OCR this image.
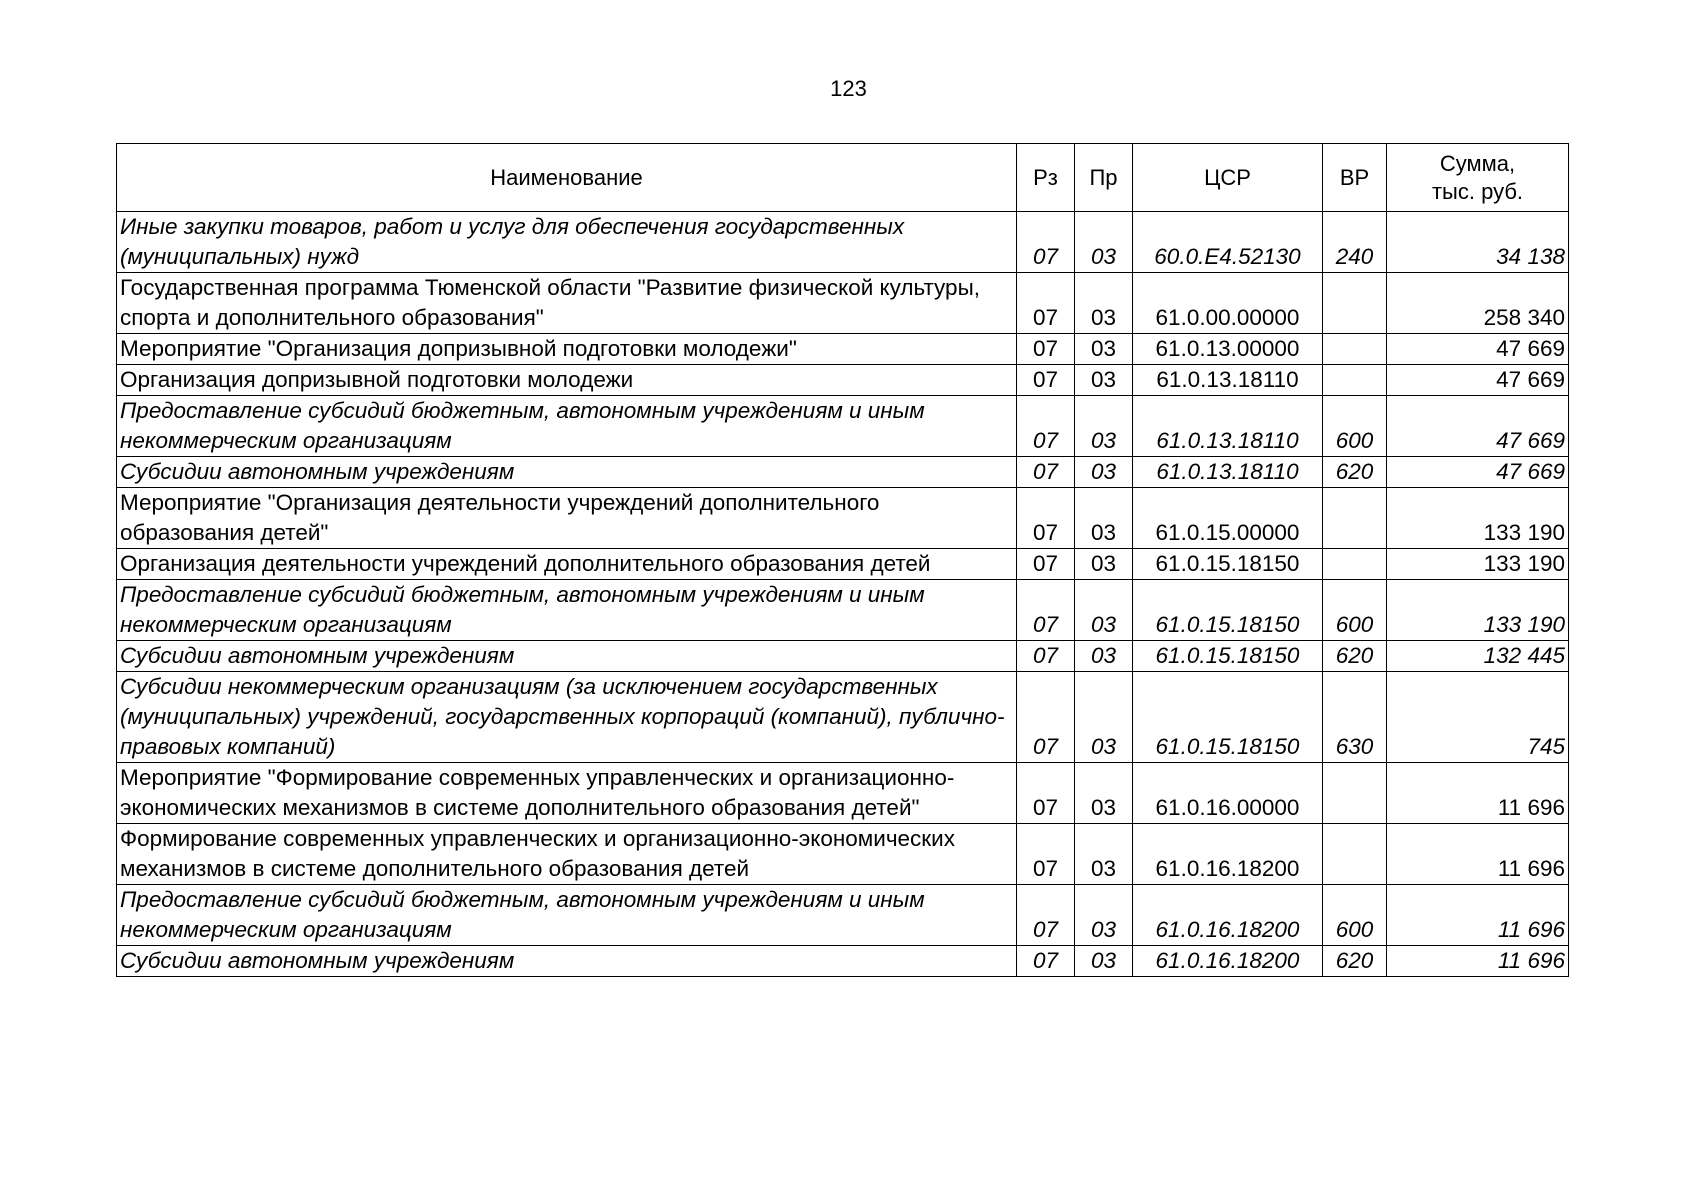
123
Наименование	Рз	Пр	ЦСР	ВР	Сумма,
тыс. руб.
Иные закупки товаров, работ и услуг для обеспечения государственных (муниципальных) нужд	07	03	60.0.E4.52130	240	34 138
Государственная программа Тюменской области "Развитие физической культуры, спорта и дополнительного образования"	07	03	61.0.00.00000		258 340
Мероприятие "Организация допризывной подготовки молодежи"	07	03	61.0.13.00000		47 669
Организация допризывной подготовки молодежи	07	03	61.0.13.18110		47 669
Предоставление субсидий бюджетным, автономным учреждениям и иным некоммерческим организациям	07	03	61.0.13.18110	600	47 669
Субсидии автономным учреждениям	07	03	61.0.13.18110	620	47 669
Мероприятие "Организация деятельности учреждений дополнительного образования детей"	07	03	61.0.15.00000		133 190
Организация деятельности учреждений дополнительного образования детей	07	03	61.0.15.18150		133 190
Предоставление субсидий бюджетным, автономным учреждениям и иным некоммерческим организациям	07	03	61.0.15.18150	600	133 190
Субсидии автономным учреждениям	07	03	61.0.15.18150	620	132 445
Субсидии некоммерческим организациям (за исключением государственных (муниципальных) учреждений, государственных корпораций (компаний), публично-правовых компаний)	07	03	61.0.15.18150	630	745
Мероприятие "Формирование современных управленческих и организационно-экономических механизмов в системе дополнительного образования детей"	07	03	61.0.16.00000		11 696
Формирование современных управленческих и организационно-экономических механизмов в системе дополнительного образования детей	07	03	61.0.16.18200		11 696
Предоставление субсидий бюджетным, автономным учреждениям и иным некоммерческим организациям	07	03	61.0.16.18200	600	11 696
Субсидии автономным учреждениям	07	03	61.0.16.18200	620	11 696
